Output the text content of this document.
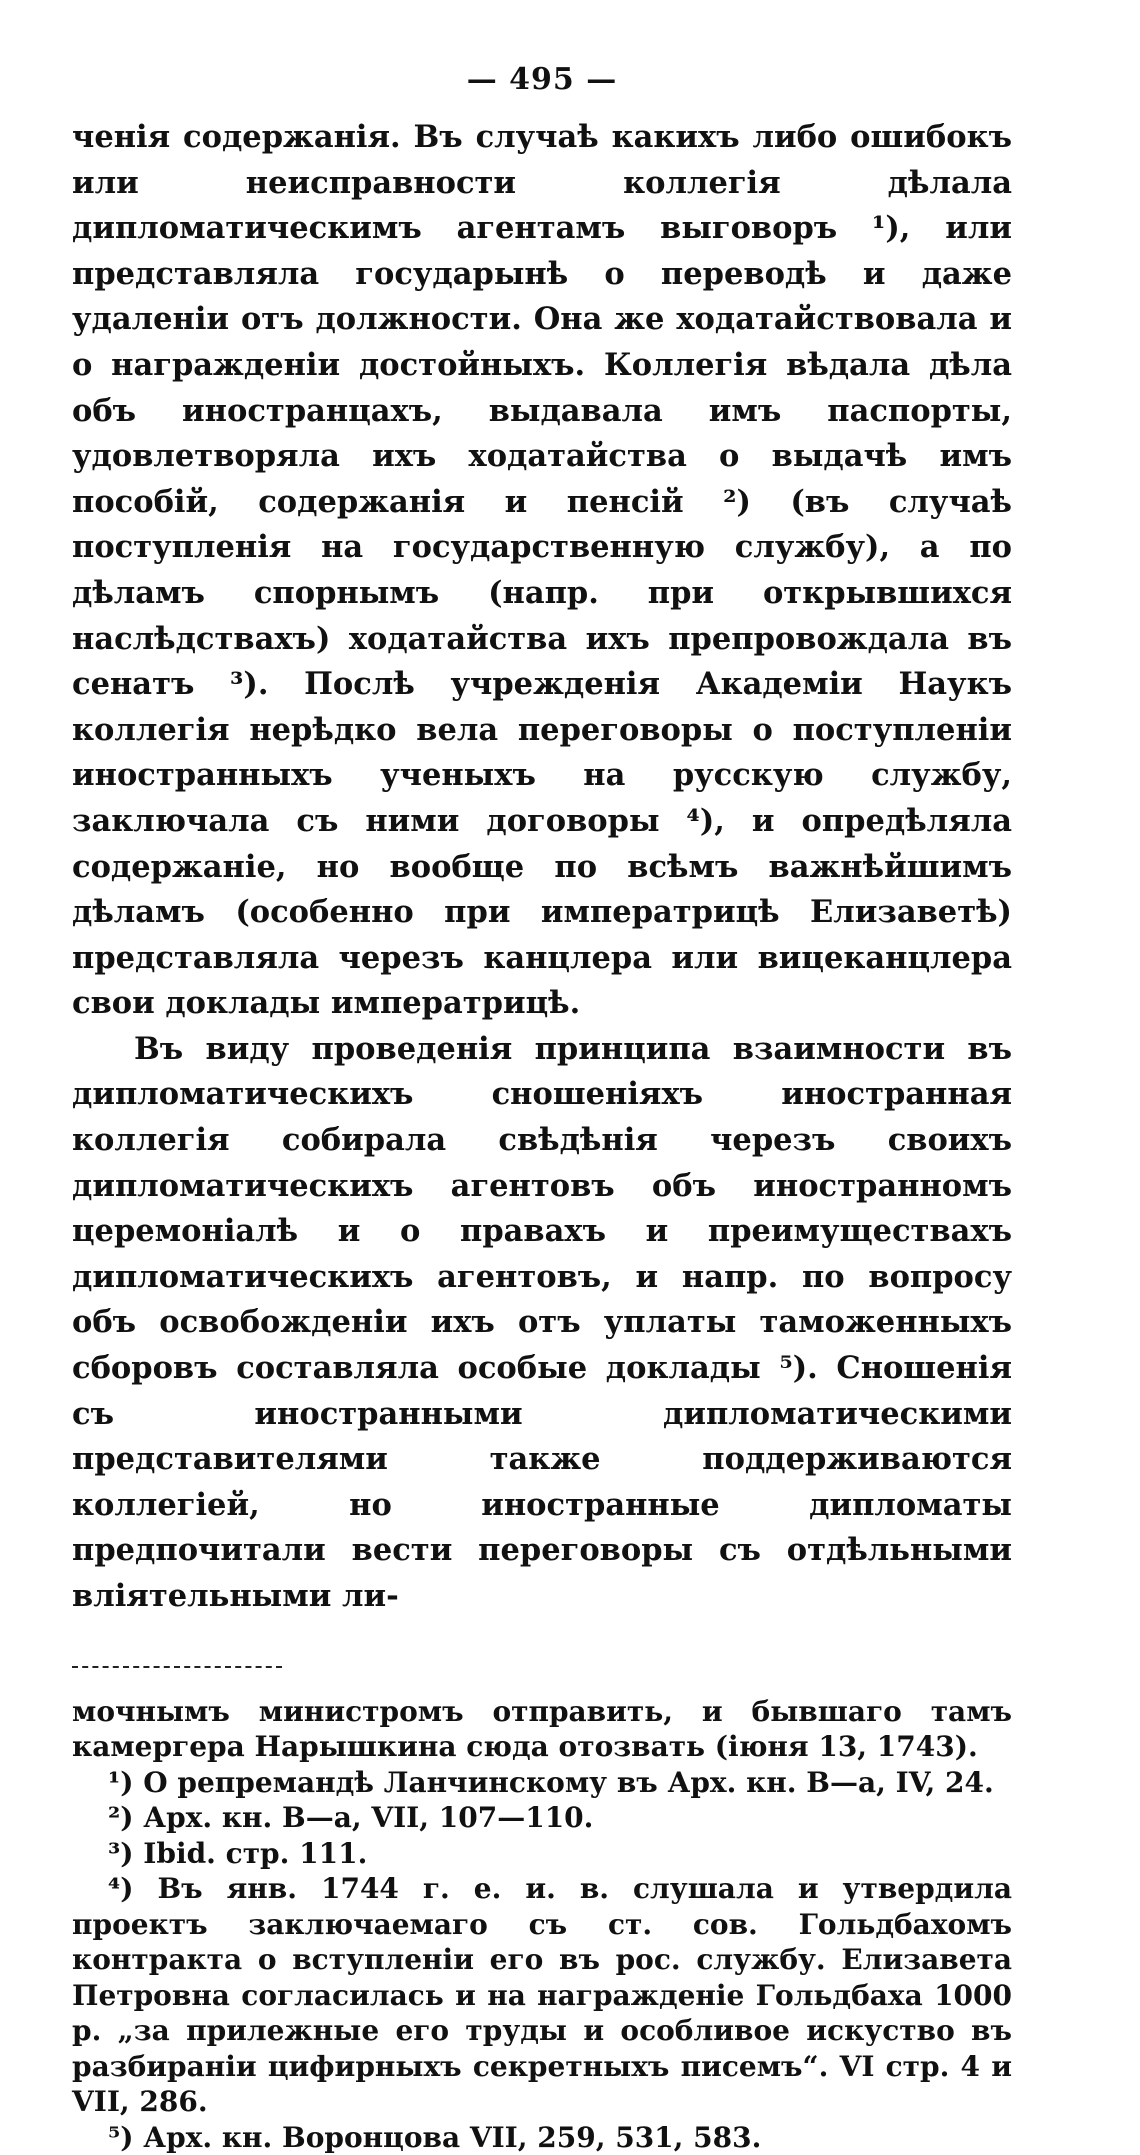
— 495 —

ченія содержанія. Въ случаѣ какихъ либо ошибокъ или неисправности коллегія дѣлала дипломатическимъ агентамъ выговоръ ¹), или представляла государынѣ о переводѣ и даже удаленіи отъ должности. Она же ходатайствовала и о награжденіи достойныхъ. Коллегія вѣдала дѣла объ иностранцахъ, выдавала имъ паспорты, удовлетворяла ихъ ходатайства о выдачѣ имъ пособій, содержанія и пенсій ²) (въ случаѣ поступленія на государственную службу), а по дѣламъ спорнымъ (напр. при открывшихся наслѣдствахъ) ходатайства ихъ препровождала въ сенатъ ³). Послѣ учрежденія Академіи Наукъ коллегія нерѣдко вела переговоры о поступленіи иностранныхъ ученыхъ на русскую службу, заключала съ ними договоры ⁴), и опредѣляла содержаніе, но вообще по всѣмъ важнѣйшимъ дѣламъ (особенно при императрицѣ Елизаветѣ) представляла черезъ канцлера или вицеканцлера свои доклады императрицѣ.

Въ виду проведенія принципа взаимности въ дипломатическихъ сношеніяхъ иностранная коллегія собирала свѣдѣнія черезъ своихъ дипломатическихъ агентовъ объ иностранномъ церемоніалѣ и о правахъ и преимуществахъ дипломатическихъ агентовъ, и напр. по вопросу объ освобожденіи ихъ отъ уплаты таможенныхъ сборовъ составляла особые доклады ⁵). Сношенія съ иностранными дипломатическими представителями также поддерживаются коллегіей, но иностранные дипломаты предпочитали вести переговоры съ отдѣльными вліятельными ли-

мочнымъ министромъ отправить, и бывшаго тамъ камергера Нарышкина сюда отозвать (іюня 13, 1743).

¹) О репремандѣ Ланчинскому въ Арх. кн. В—а, IV, 24.

²) Арх. кн. В—а, VII, 107—110.

³) Ibid. стр. 111.

⁴) Въ янв. 1744 г. е. и. в. слушала и утвердила проектъ заключаемаго съ ст. сов. Гольдбахомъ контракта о вступленіи его въ рос. службу. Елизавета Петровна согласилась и на награжденіе Гольдбаха 1000 р. „за прилежные его труды и особливое искуство въ разбираніи цифирныхъ секретныхъ писемъ“. VI стр. 4 и VII, 286.

⁵) Арх. кн. Воронцова VII, 259, 531, 583.
